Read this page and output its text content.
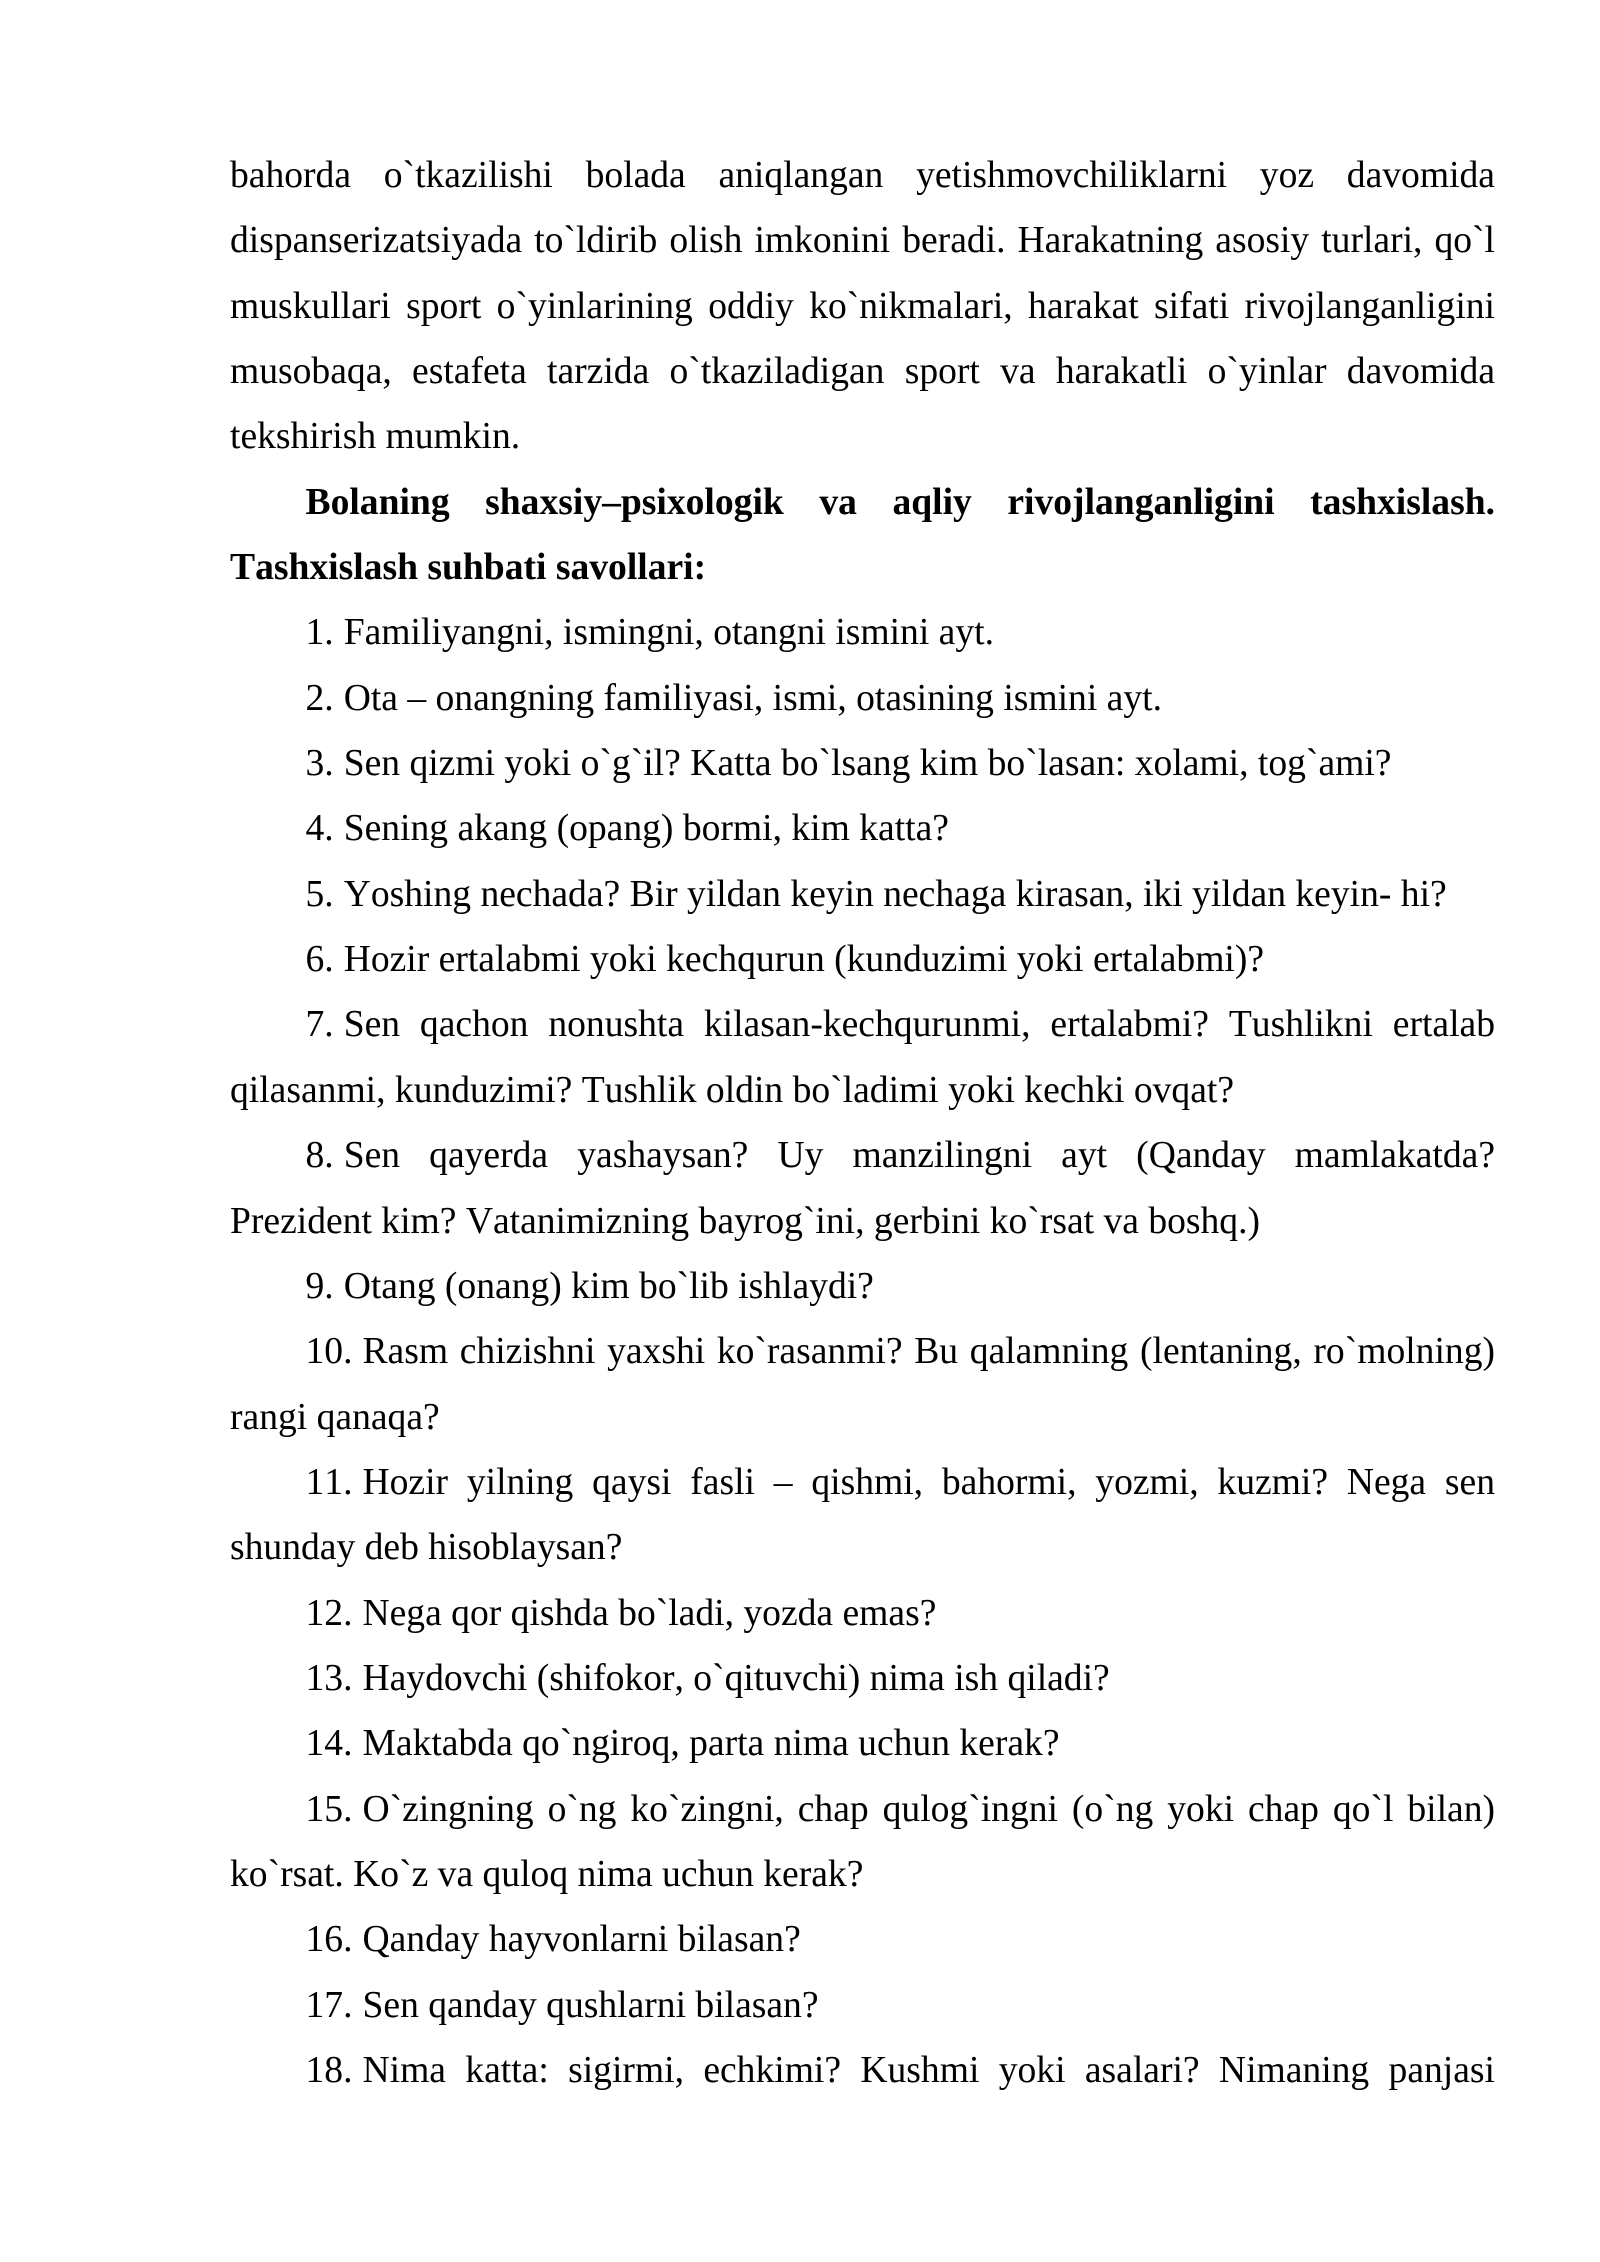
bahorda o`tkazilishi bolada aniqlangan yetishmovchiliklarni yoz davomida
dispanserizatsiyada to`ldirib olish imkonini beradi. Harakatning asosiy turlari, qo`l
muskullari sport o`yinlarining oddiy ko`nikmalari, harakat sifati rivojlanganligini
musobaqa, estafeta tarzida o`tkaziladigan sport va harakatli o`yinlar davomida
tekshirish mumkin.
Bolaning shaxsiy–psixologik va aqliy rivojlanganligini tashxislash.
Tashxislash suhbati savollari:
1. Familiyangni, ismingni, otangni ismini ayt.
2. Ota – onangning familiyasi, ismi, otasining ismini ayt.
3. Sen qizmi yoki o`g`il? Katta bo`lsang kim bo`lasan: xolami, tog`ami?
4. Sening akang (opang) bormi, kim katta?
5. Yoshing nechada? Bir yildan keyin nechaga kirasan, iki yildan keyin- hi?
6. Hozir ertalabmi yoki kechqurun (kunduzimi yoki ertalabmi)?
7. Sen qachon nonushta kilasan-kechqurunmi, ertalabmi? Tushlikni ertalab
qilasanmi, kunduzimi? Tushlik oldin bo`ladimi yoki kechki ovqat?
8. Sen qayerda yashaysan? Uy manzilingni ayt (Qanday mamlakatda?
Prezident kim? Vatanimizning bayrog`ini, gerbini ko`rsat va boshq.)
9. Otang (onang) kim bo`lib ishlaydi?
10. Rasm chizishni yaxshi ko`rasanmi? Bu qalamning (lentaning, ro`molning)
rangi qanaqa?
11. Hozir yilning qaysi fasli – qishmi, bahormi, yozmi, kuzmi? Nega sen
shunday deb hisoblaysan?
12. Nega qor qishda bo`ladi, yozda emas?
13. Haydovchi (shifokor, o`qituvchi) nima ish qiladi?
14. Maktabda qo`ngiroq, parta nima uchun kerak?
15. O`zingning o`ng ko`zingni, chap qulog`ingni (o`ng yoki chap qo`l bilan)
ko`rsat. Ko`z va quloq nima uchun kerak?
16. Qanday hayvonlarni bilasan?
17. Sen qanday qushlarni bilasan?
18. Nima katta: sigirmi, echkimi? Kushmi yoki asalari? Nimaning panjasi
